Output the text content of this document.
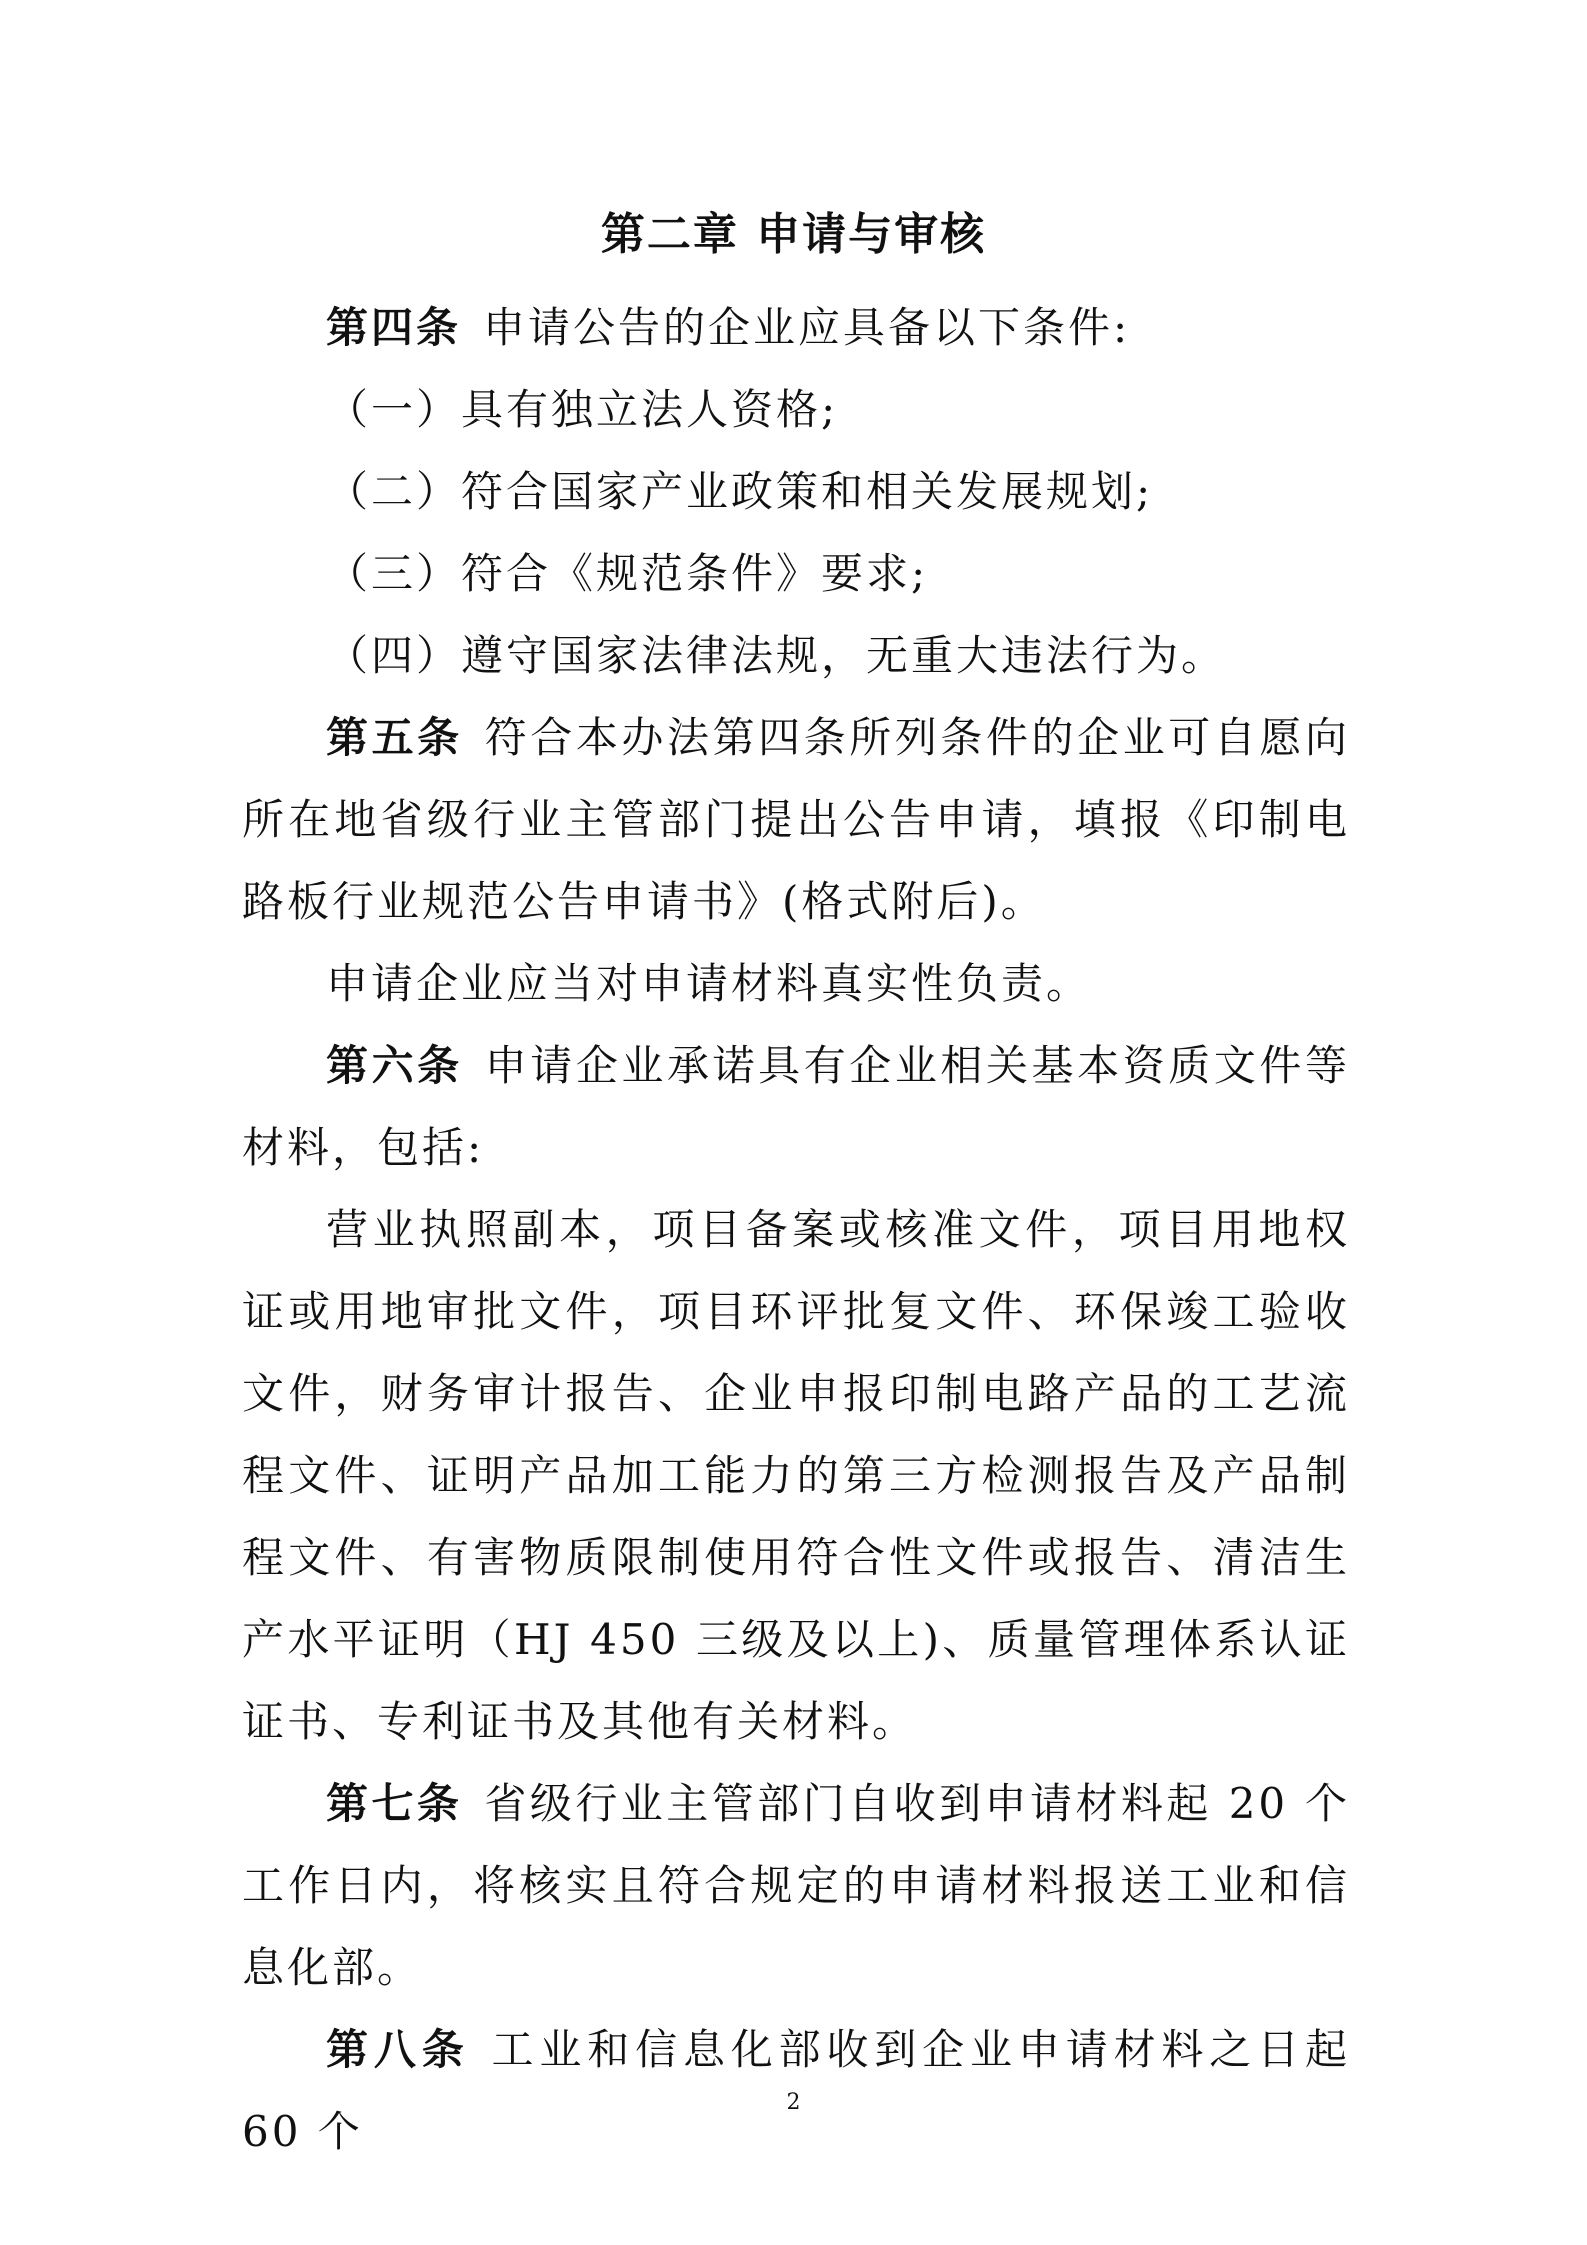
第二章 申请与审核

第四条 申请公告的企业应具备以下条件:

（一）具有独立法人资格;

（二）符合国家产业政策和相关发展规划;

（三）符合《规范条件》要求;

（四）遵守国家法律法规，无重大违法行为。

第五条 符合本办法第四条所列条件的企业可自愿向所在地省级行业主管部门提出公告申请，填报《印制电路板行业规范公告申请书》(格式附后)。

申请企业应当对申请材料真实性负责。

第六条 申请企业承诺具有企业相关基本资质文件等材料，包括:

营业执照副本，项目备案或核准文件，项目用地权证或用地审批文件，项目环评批复文件、环保竣工验收文件，财务审计报告、企业申报印制电路产品的工艺流程文件、证明产品加工能力的第三方检测报告及产品制程文件、有害物质限制使用符合性文件或报告、清洁生产水平证明（HJ 450 三级及以上)、质量管理体系认证证书、专利证书及其他有关材料。

第七条 省级行业主管部门自收到申请材料起 20 个工作日内，将核实且符合规定的申请材料报送工业和信息化部。

第八条 工业和信息化部收到企业申请材料之日起 60 个

2
